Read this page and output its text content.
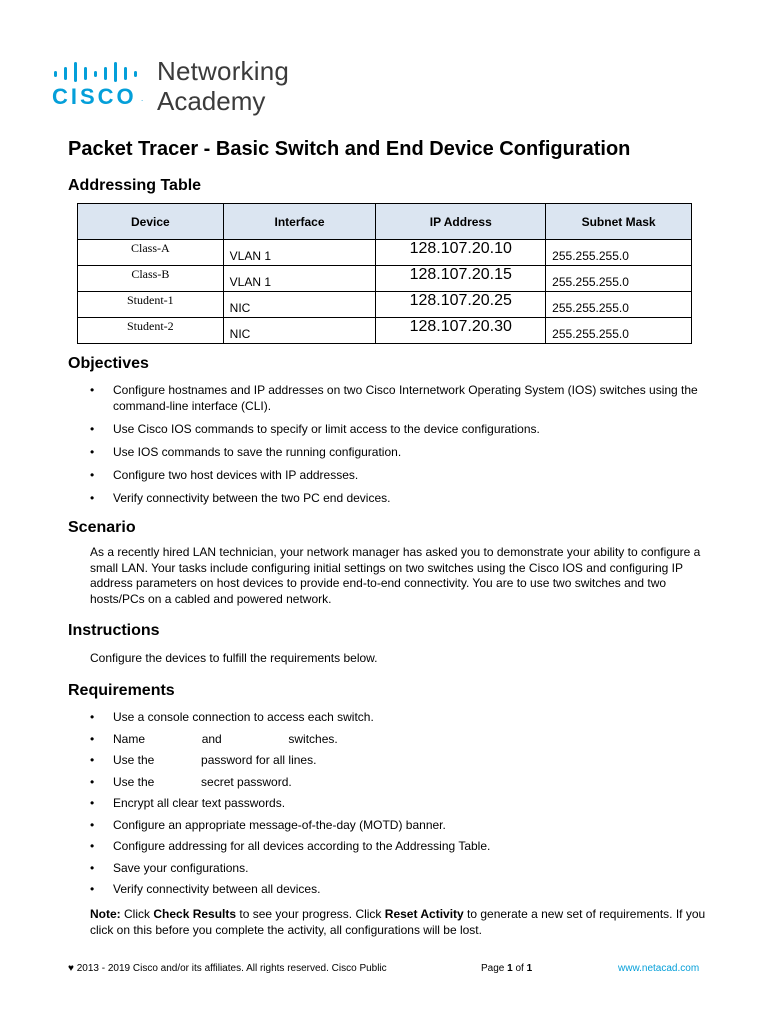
CISCO .
Networking
Academy
Packet Tracer - Basic Switch and End Device Configuration
Addressing Table
Device	Interface	IP Address	Subnet Mask
Class-A	VLAN 1	128.107.20.10	255.255.255.0
Class-B	VLAN 1	128.107.20.15	255.255.255.0
Student-1	NIC	128.107.20.25	255.255.255.0
Student-2	NIC	128.107.20.30	255.255.255.0
Objectives
• Configure hostnames and IP addresses on two Cisco Internetwork Operating System (IOS) switches using the command-line interface (CLI).
• Use Cisco IOS commands to specify or limit access to the device configurations.
• Use IOS commands to save the running configuration.
• Configure two host devices with IP addresses.
• Verify connectivity between the two PC end devices.
Scenario
As a recently hired LAN technician, your network manager has asked you to demonstrate your ability to configure a small LAN. Your tasks include configuring initial settings on two switches using the Cisco IOS and configuring IP address parameters on host devices to provide end-to-end connectivity. You are to use two switches and two hosts/PCs on a cabled and powered network.
Instructions
Configure the devices to fulfill the requirements below.
Requirements
• Use a console connection to access each switch.
• Name                 and                    switches.
• Use the              password for all lines.
• Use the              secret password.
• Encrypt all clear text passwords.
• Configure an appropriate message-of-the-day (MOTD) banner.
• Configure addressing for all devices according to the Addressing Table.
• Save your configurations.
• Verify connectivity between all devices.
Note: Click Check Results to see your progress. Click Reset Activity to generate a new set of requirements. If you click on this before you complete the activity, all configurations will be lost.
♥ 2013 - 2019 Cisco and/or its affiliates. All rights reserved. Cisco Public	Page 1 of 1	www.netacad.com
